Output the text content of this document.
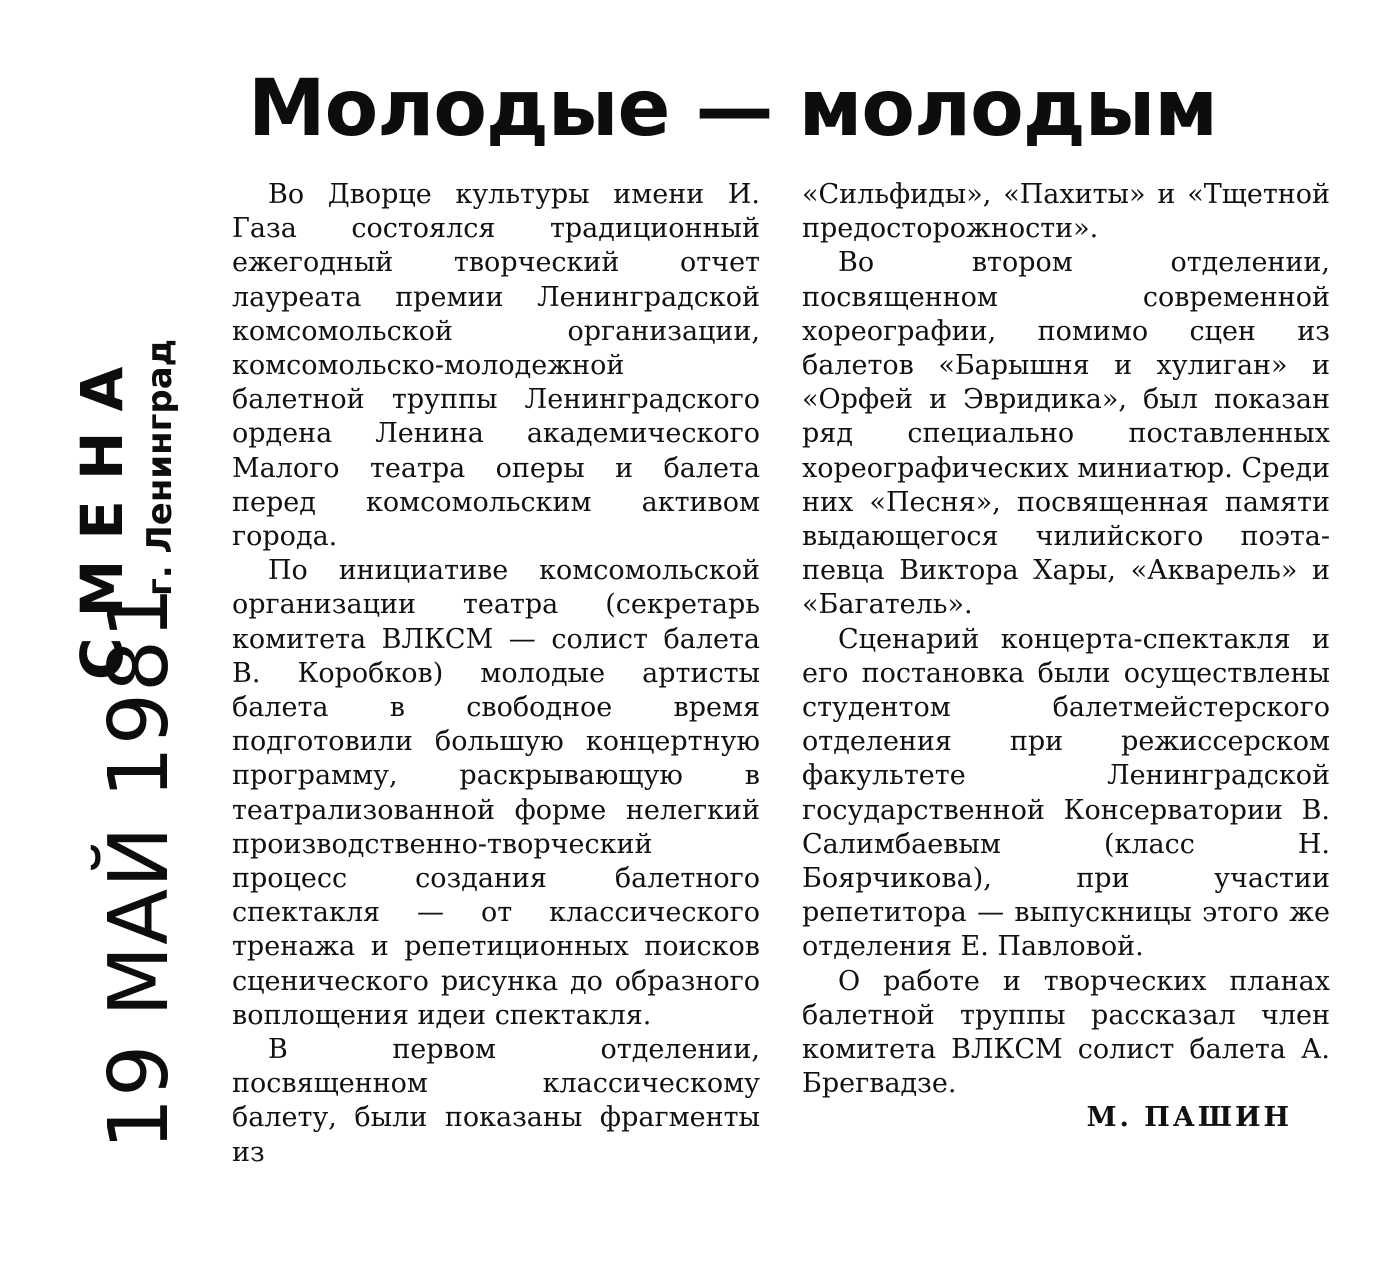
19 МАЙ 1981
СМЕНА г. Ленинград
Молодые — молодым

Во Дворце культуры имени И. Газа состоялся традиционный ежегодный творческий отчет лауреата премии Ленинградской комсомольской организации, комсомольско-молодежной балетной труппы Ленинградского ордена Ленина академического Малого театра оперы и балета перед комсомольским активом города.

По инициативе комсомольской организации театра (секретарь комитета ВЛКСМ — солист балета В. Коробков) молодые артисты балета в свободное время подготовили большую концертную программу, раскрывающую в театрализованной форме нелегкий производственно-творческий процесс создания балетного спектакля — от классического тренажа и репетиционных поисков сценического рисунка до образного воплощения идеи спектакля.

В первом отделении, посвященном классическому балету, были показаны фрагменты из

«Сильфиды», «Пахиты» и «Тщетной предосторожности».

Во втором отделении, посвященном современной хореографии, помимо сцен из балетов «Барышня и хулиган» и «Орфей и Эвридика», был показан ряд специально поставленных хореографических миниатюр. Среди них «Песня», посвященная памяти выдающегося чилийского поэта-певца Виктора Хары, «Акварель» и «Багатель».

Сценарий концерта-спектакля и его постановка были осуществлены студентом балетмейстерского отделения при режиссерском факультете Ленинградской государственной Консерватории В. Салимбаевым (класс Н. Боярчикова), при участии репетитора — выпускницы этого же отделения Е. Павловой.

О работе и творческих планах балетной труппы рассказал член комитета ВЛКСМ солист балета А. Брегвадзе.

М. ПАШИН
